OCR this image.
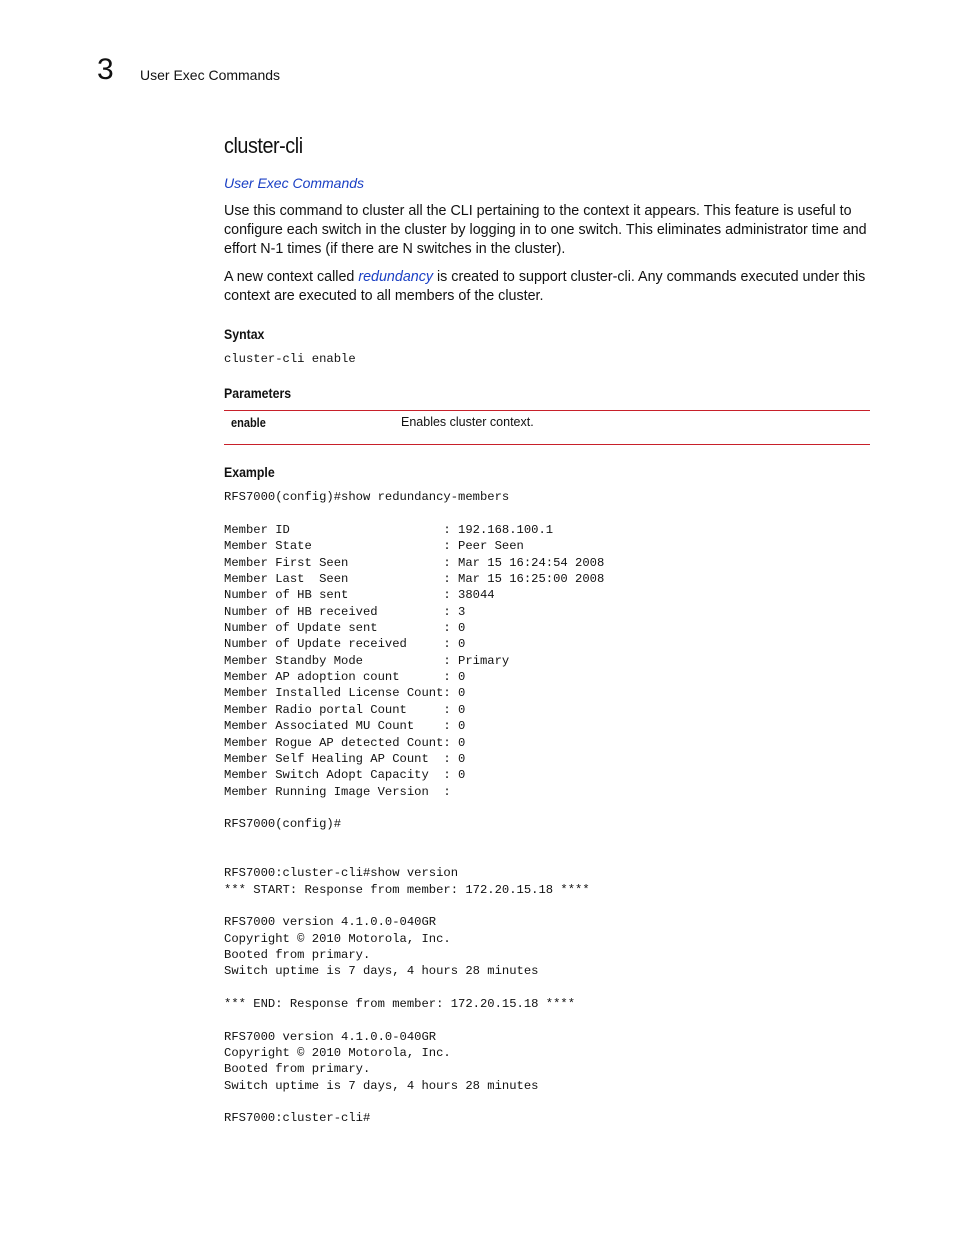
3 User Exec Commands
cluster-cli
User Exec Commands

Use this command to cluster all the CLI pertaining to the context it appears. This feature is useful to configure each switch in the cluster by logging in to one switch. This eliminates administrator time and effort N-1 times (if there are N switches in the cluster).

A new context called redundancy is created to support cluster-cli. Any commands executed under this context are executed to all members of the cluster.

Syntax
cluster-cli enable
Parameters
enable	Enables cluster context.
Example
RFS7000(config)#show redundancy-members

Member ID                     : 192.168.100.1
Member State                  : Peer Seen
Member First Seen             : Mar 15 16:24:54 2008
Member Last  Seen             : Mar 15 16:25:00 2008
Number of HB sent             : 38044
Number of HB received         : 3
Number of Update sent         : 0
Number of Update received     : 0
Member Standby Mode           : Primary
Member AP adoption count      : 0
Member Installed License Count: 0
Member Radio portal Count     : 0
Member Associated MU Count    : 0
Member Rogue AP detected Count: 0
Member Self Healing AP Count  : 0
Member Switch Adopt Capacity  : 0
Member Running Image Version  :

RFS7000(config)#

RFS7000:cluster-cli#show version
*** START: Response from member: 172.20.15.18 ****

RFS7000 version 4.1.0.0-040GR
Copyright © 2010 Motorola, Inc.
Booted from primary.
Switch uptime is 7 days, 4 hours 28 minutes

*** END: Response from member: 172.20.15.18 ****

RFS7000 version 4.1.0.0-040GR
Copyright © 2010 Motorola, Inc.
Booted from primary.
Switch uptime is 7 days, 4 hours 28 minutes

RFS7000:cluster-cli#
